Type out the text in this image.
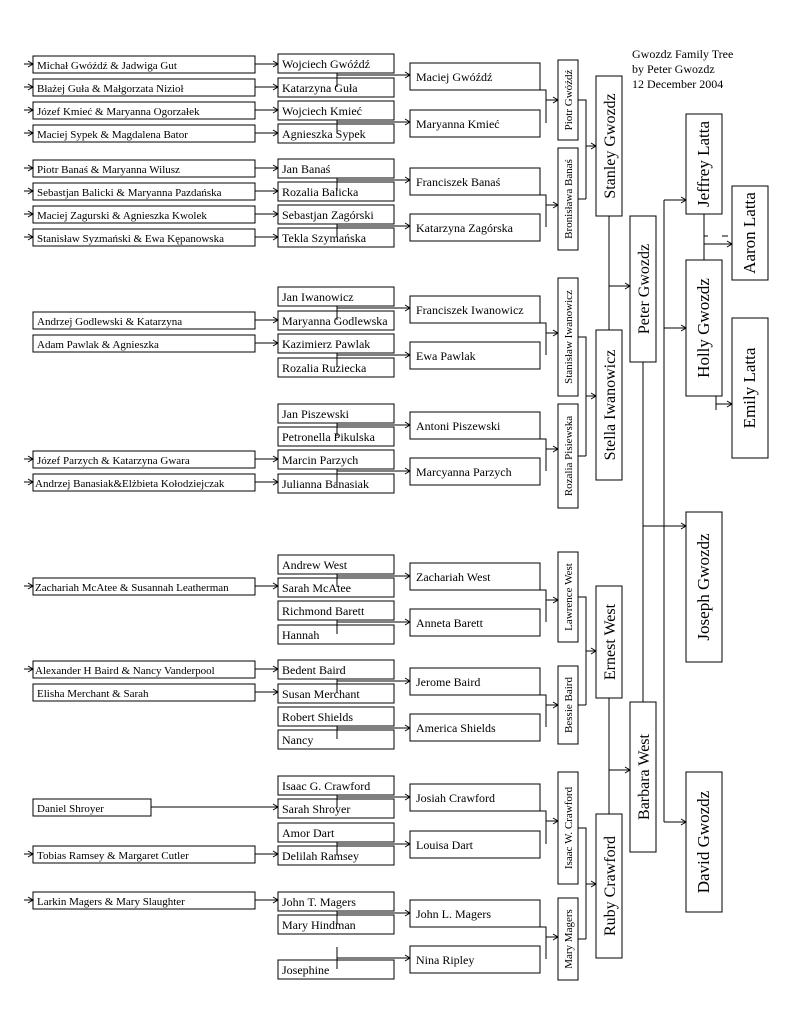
Gwozdz Family Tree
by Peter Gwozdz
12 December 2004
Michał Gwóźdź & Jadwiga Gut
Błażej Guła & Małgorzata Nizioł
Józef Kmieć & Maryanna Ogorzałek
Maciej Sypek & Magdalena Bator
Piotr Banaś & Maryanna Wilusz
Sebastjan Balicki & Maryanna Pazdańska
Maciej Zagurski & Agnieszka Kwolek
Stanisław Syzmański & Ewa Kępanowska
Andrzej Godlewski & Katarzyna
Adam Pawlak & Agnieszka
Józef Parzych & Katarzyna Gwara
Andrzej Banasiak&Elżbieta Kołodziejczak
Zachariah McAtee & Susannah Leatherman
Alexander H Baird & Nancy Vanderpool
Elisha Merchant & Sarah
Daniel Shroyer
Tobias Ramsey & Margaret Cutler
Larkin Magers & Mary Slaughter
Wojciech Gwóźdź
Katarzyna Guła
Wojciech Kmieć
Agnieszka Sypek
Jan Banaś
Rozalia Balicka
Sebastjan Zagórski
Tekla Szymańska
Jan Iwanowicz
Maryanna Godlewska
Kazimierz Pawlak
Rozalia Ruziecka
Jan Piszewski
Petronella Pikulska
Marcin Parzych
Julianna Banasiak
Andrew West
Sarah McAtee
Richmond Barett
Hannah
Bedent Baird
Susan Merchant
Robert Shields
Nancy
Isaac G. Crawford
Sarah Shroyer
Amor Dart
Delilah Ramsey
John T. Magers
Mary Hindman
Josephine
Maciej Gwóźdź
Maryanna Kmieć
Franciszek Banaś
Katarzyna Zagórska
Franciszek Iwanowicz
Ewa Pawlak
Antoni Piszewski
Marcyanna Parzych
Zachariah West
Anneta Barett
Jerome Baird
America Shields
Josiah Crawford
Louisa Dart
John L. Magers
Nina Ripley
Piotr Gwóźdź
Bronisława Banaś
Stanisław Iwanowicz
Rozalia Pisiewska
Lawrence West
Bessie Baird
Isaac W. Crawford
Mary Magers
Stanley Gwozdz
Stella Iwanowicz
Ernest West
Ruby Crawford
Peter Gwozdz
Barbara West
Jeffrey Latta
Holly Gwozdz
Joseph Gwozdz
David Gwozdz
Aaron Latta
Emily Latta
